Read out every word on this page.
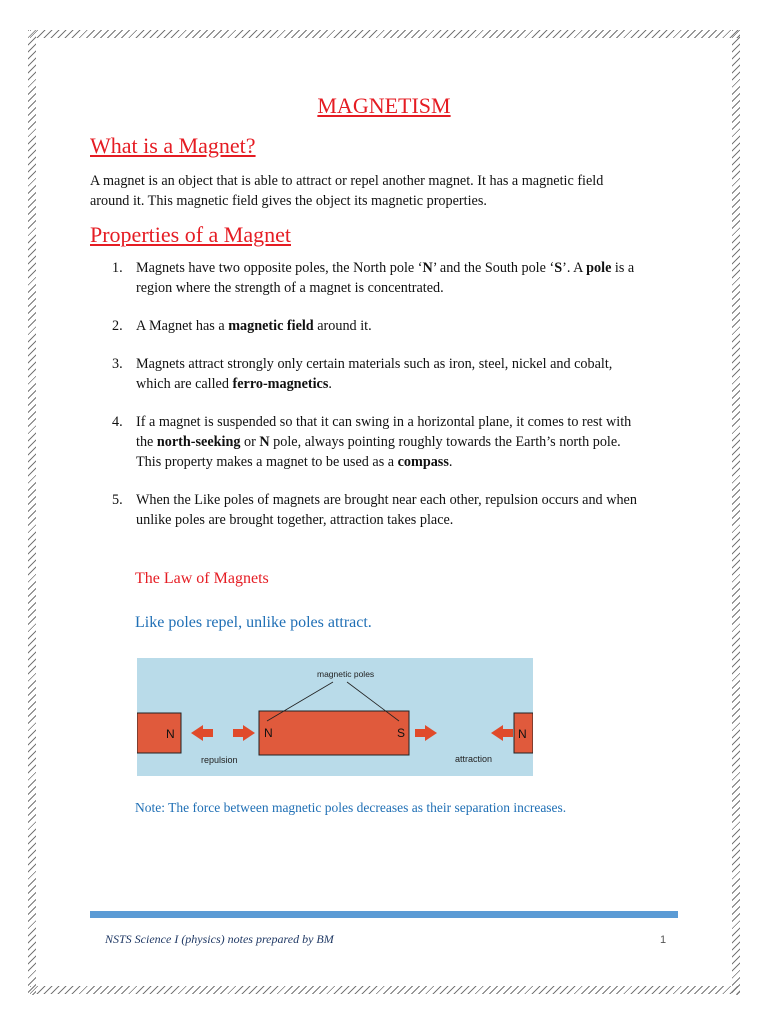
MAGNETISM
What is a Magnet?
A magnet is an object that is able to attract or repel another magnet. It has a magnetic field
around it. This magnetic field gives the object its magnetic properties.
Properties of a Magnet
1. Magnets have two opposite poles, the North pole ‘N’ and the South pole ‘S’. A pole is a
region where the strength of a magnet is concentrated.
2. A Magnet has a magnetic field around it.
3. Magnets attract strongly only certain materials such as iron, steel, nickel and cobalt,
which are called ferro-magnetics.
4. If a magnet is suspended so that it can swing in a horizontal plane, it comes to rest with
the north-seeking or N pole, always pointing roughly towards the Earth’s north pole.
This property makes a magnet to be used as a compass.
5. When the Like poles of magnets are brought near each other, repulsion occurs and when
unlike poles are brought together, attraction takes place.
The Law of Magnets
Like poles repel, unlike poles attract.
N	N	S	N
magnetic poles
repulsion	attraction
Note: The force between magnetic poles decreases as their separation increases.
NSTS Science I (physics) notes prepared by BM	1
